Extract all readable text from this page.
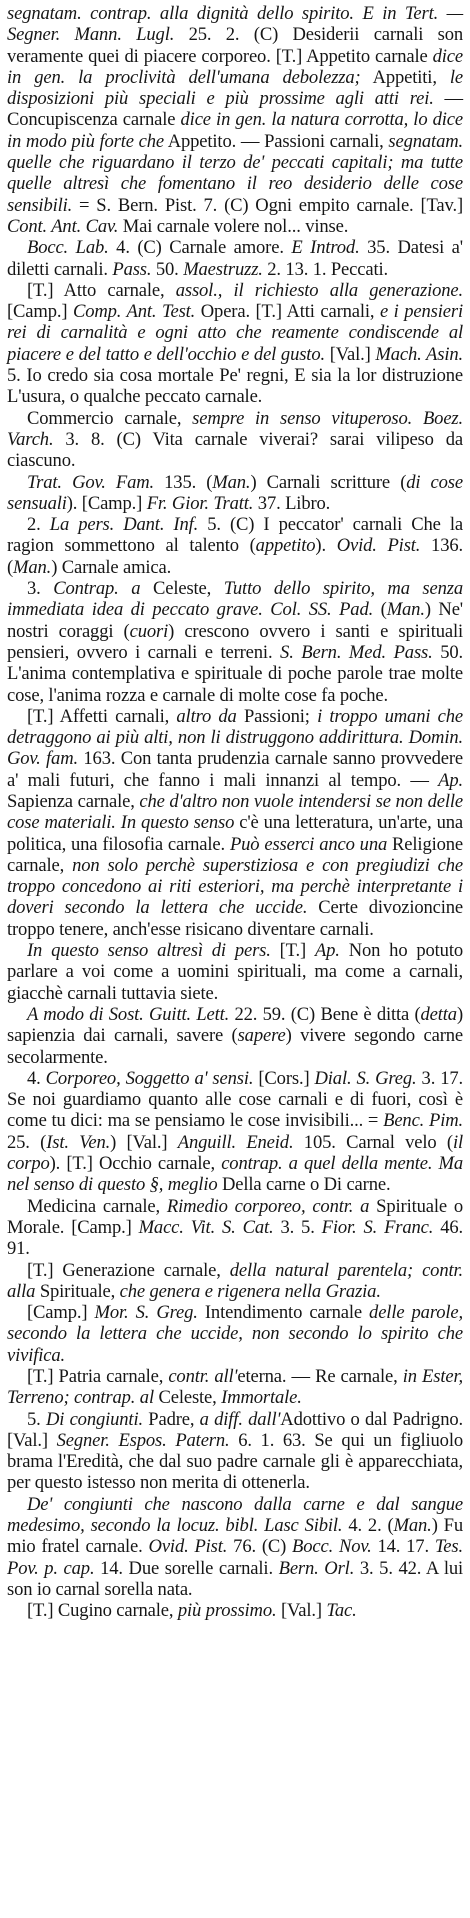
segnatam. contrap. alla dignità dello spirito. E in Tert. — Segner. Mann. Lugl. 25. 2. (C) Desiderii carnali son veramente quei di piacere corporeo. [T.] Appetito carnale dice in gen. la proclività dell'umana debolezza; Appetiti, le disposizioni più speciali e più prossime agli atti rei. — Concupiscenza carnale dice in gen. la natura corrotta, lo dice in modo più forte che Appetito. — Passioni carnali, segnatam. quelle che riguardano il terzo de' peccati capitali; ma tutte quelle altresì che fomentano il reo desiderio delle cose sensibili. = S. Bern. Pist. 7. (C) Ogni empito carnale. [Tav.] Cont. Ant. Cav. Mai carnale volere nol... vinse.

Bocc. Lab. 4. (C) Carnale amore. E Introd. 35. Datesi a' diletti carnali. Pass. 50. Maestruzz. 2. 13. 1. Peccati.

[T.] Atto carnale, assol., il richiesto alla generazione. [Camp.] Comp. Ant. Test. Opera. [T.] Atti carnali, e i pensieri rei di carnalità e ogni atto che reamente condiscende al piacere e del tatto e dell'occhio e del gusto. [Val.] Mach. Asin. 5. Io credo sia cosa mortale Pe' regni, E sia la lor distruzione L'usura, o qualche peccato carnale.

Commercio carnale, sempre in senso vituperoso. Boez. Varch. 3. 8. (C) Vita carnale viverai? sarai vilipeso da ciascuno.

Trat. Gov. Fam. 135. (Man.) Carnali scritture (di cose sensuali). [Camp.] Fr. Gior. Tratt. 37. Libro.

2. La pers. Dant. Inf. 5. (C) I peccator' carnali Che la ragion sommettono al talento (appetito). Ovid. Pist. 136. (Man.) Carnale amica.

3. Contrap. a Celeste, Tutto dello spirito, ma senza immediata idea di peccato grave. Col. SS. Pad. (Man.) Ne' nostri coraggi (cuori) crescono ovvero i santi e spirituali pensieri, ovvero i carnali e terreni. S. Bern. Med. Pass. 50. L'anima contemplativa e spirituale di poche parole trae molte cose, l'anima rozza e carnale di molte cose fa poche.

[T.] Affetti carnali, altro da Passioni; i troppo umani che detraggono ai più alti, non li distruggono addirittura. Domin. Gov. fam. 163. Con tanta prudenzia carnale sanno provvedere a' mali futuri, che fanno i mali innanzi al tempo. — Ap. Sapienza carnale, che d'altro non vuole intendersi se non delle cose materiali. In questo senso c'è una letteratura, un'arte, una politica, una filosofia carnale. Può esserci anco una Religione carnale, non solo perchè superstiziosa e con pregiudizi che troppo concedono ai riti esteriori, ma perchè interpretante i doveri secondo la lettera che uccide. Certe divozioncine troppo tenere, anch'esse risicano diventare carnali.

In questo senso altresì di pers. [T.] Ap. Non ho potuto parlare a voi come a uomini spirituali, ma come a carnali, giacchè carnali tuttavia siete.

A modo di Sost. Guitt. Lett. 22. 59. (C) Bene è ditta (detta) sapienzia dai carnali, savere (sapere) vivere segondo carne secolarmente.

4. Corporeo, Soggetto a' sensi. [Cors.] Dial. S. Greg. 3. 17. Se noi guardiamo quanto alle cose carnali e di fuori, così è come tu dici: ma se pensiamo le cose invisibili... = Benc. Pim. 25. (Ist. Ven.) [Val.] Anguill. Eneid. 105. Carnal velo (il corpo). [T.] Occhio carnale, contrap. a quel della mente. Ma nel senso di questo §, meglio Della carne o Di carne.

Medicina carnale, Rimedio corporeo, contr. a Spirituale o Morale. [Camp.] Macc. Vit. S. Cat. 3. 5. Fior. S. Franc. 46. 91.

[T.] Generazione carnale, della natural parentela; contr. alla Spirituale, che genera e rigenera nella Grazia.

[Camp.] Mor. S. Greg. Intendimento carnale delle parole, secondo la lettera che uccide, non secondo lo spirito che vivifica.

[T.] Patria carnale, contr. all'eterna. — Re carnale, in Ester, Terreno; contrap. al Celeste, Immortale.

5. Di congiunti. Padre, a diff. dall'Adottivo o dal Padrigno. [Val.] Segner. Espos. Patern. 6. 1. 63. Se qui un figliuolo brama l'Eredità, che dal suo padre carnale gli è apparecchiata, per questo istesso non merita di ottenerla.

De' congiunti che nascono dalla carne e dal sangue medesimo, secondo la locuz. bibl. Lasc Sibil. 4. 2. (Man.) Fu mio fratel carnale. Ovid. Pist. 76. (C) Bocc. Nov. 14. 17. Tes. Pov. p. cap. 14. Due sorelle carnali. Bern. Orl. 3. 5. 42. A lui son io carnal sorella nata.

[T.] Cugino carnale, più prossimo. [Val.] Tac.
